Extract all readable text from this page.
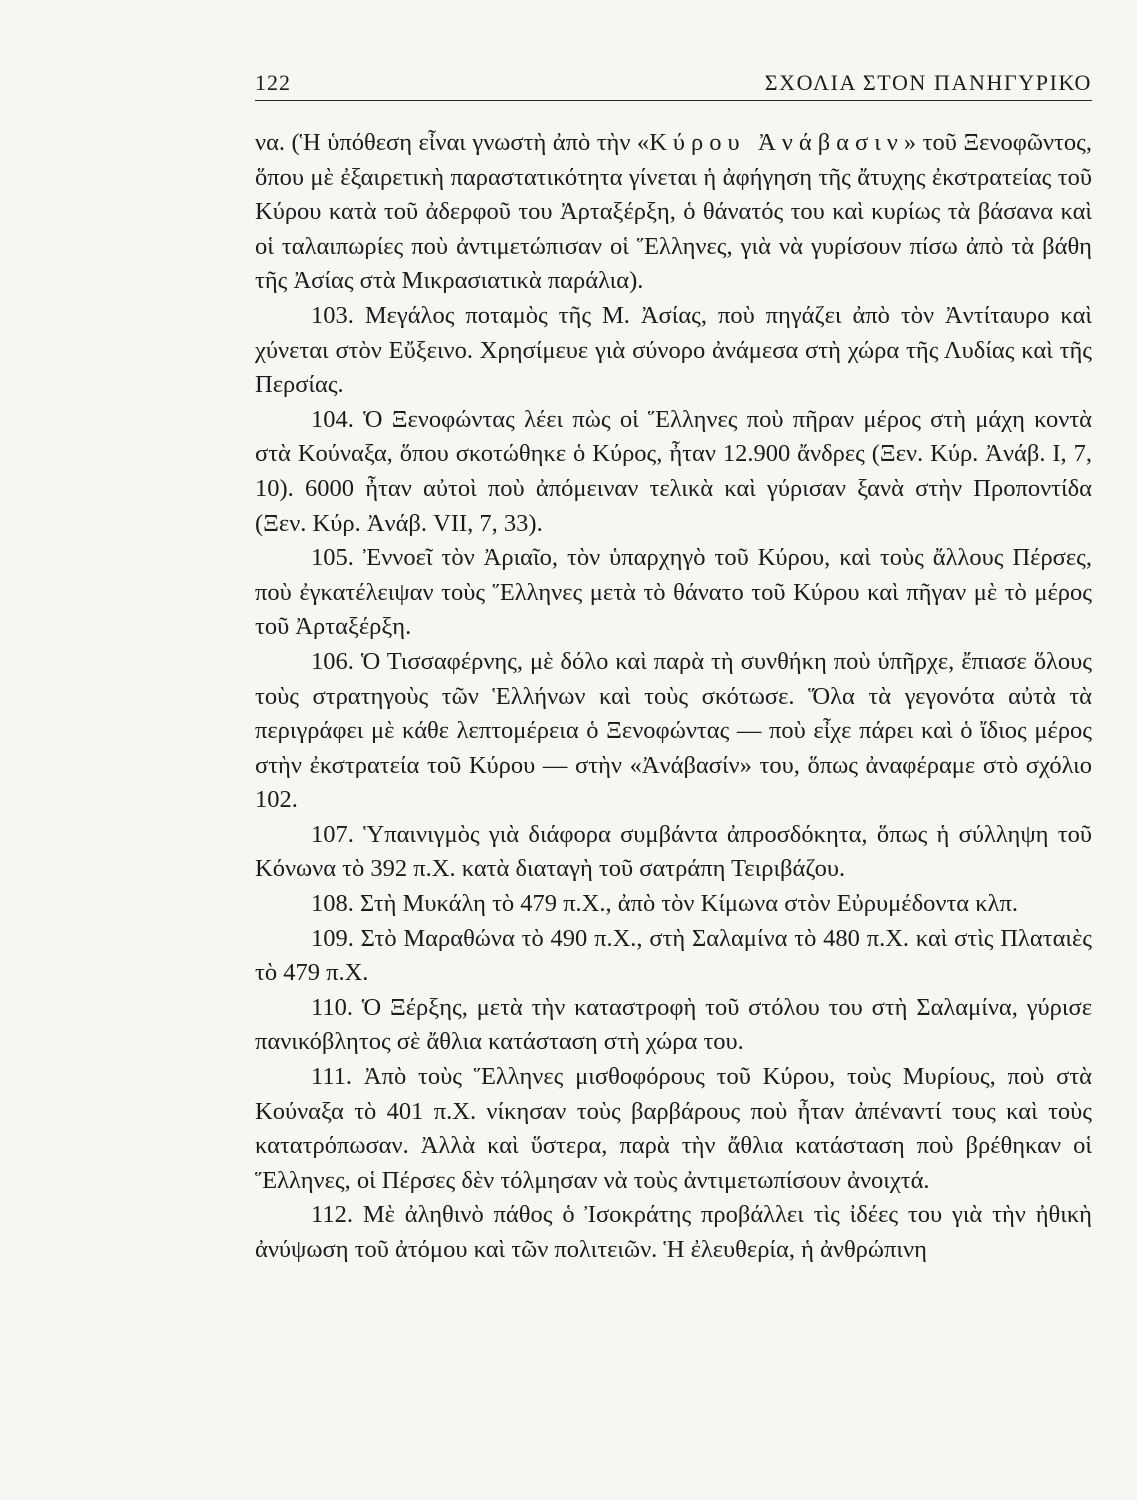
122	ΣΧΟΛΙΑ ΣΤΟΝ ΠΑΝΗΓΥΡΙΚΟ

να. (Ἡ ὑπόθεση εἶναι γνωστὴ ἀπὸ τὴν «Κύρου Ἀνάβασιν» τοῦ Ξενοφῶντος, ὅπου μὲ ἐξαιρετικὴ παραστατικότητα γίνεται ἡ ἀφήγηση τῆς ἄτυχης ἐκστρατείας τοῦ Κύρου κατὰ τοῦ ἀδερφοῦ του Ἀρταξέρξη, ὁ θάνατός του καὶ κυρίως τὰ βάσανα καὶ οἱ ταλαιπωρίες ποὺ ἀντιμετώπισαν οἱ Ἕλληνες, γιὰ νὰ γυρίσουν πίσω ἀπὸ τὰ βάθη τῆς Ἀσίας στὰ Μικρασιατικὰ παράλια).

103. Μεγάλος ποταμὸς τῆς Μ. Ἀσίας, ποὺ πηγάζει ἀπὸ τὸν Ἀντίταυρο καὶ χύνεται στὸν Εὔξεινο. Χρησίμευε γιὰ σύνορο ἀνάμεσα στὴ χώρα τῆς Λυδίας καὶ τῆς Περσίας.

104. Ὁ Ξενοφώντας λέει πὼς οἱ Ἕλληνες ποὺ πῆραν μέρος στὴ μάχη κοντὰ στὰ Κούναξα, ὅπου σκοτώθηκε ὁ Κύρος, ἦταν 12.900 ἄνδρες (Ξεν. Κύρ. Ἀνάβ. I, 7, 10). 6000 ἦταν αὐτοὶ ποὺ ἀπόμειναν τελικὰ καὶ γύρισαν ξανὰ στὴν Προποντίδα (Ξεν. Κύρ. Ἀνάβ. VII, 7, 33).

105. Ἐννοεῖ τὸν Ἀριαῖο, τὸν ὑπαρχηγὸ τοῦ Κύρου, καὶ τοὺς ἄλλους Πέρσες, ποὺ ἐγκατέλειψαν τοὺς Ἕλληνες μετὰ τὸ θάνατο τοῦ Κύρου καὶ πῆγαν μὲ τὸ μέρος τοῦ Ἀρταξέρξη.

106. Ὁ Τισσαφέρνης, μὲ δόλο καὶ παρὰ τὴ συνθήκη ποὺ ὑπῆρχε, ἔπιασε ὅλους τοὺς στρατηγοὺς τῶν Ἑλλήνων καὶ τοὺς σκότωσε. Ὅλα τὰ γεγονότα αὐτὰ τὰ περιγράφει μὲ κάθε λεπτομέρεια ὁ Ξενοφώντας — ποὺ εἶχε πάρει καὶ ὁ ἴδιος μέρος στὴν ἐκστρατεία τοῦ Κύρου — στὴν «Ἀνάβασίν» του, ὅπως ἀναφέραμε στὸ σχόλιο 102.

107. Ὑπαινιγμὸς γιὰ διάφορα συμβάντα ἀπροσδόκητα, ὅπως ἡ σύλληψη τοῦ Κόνωνα τὸ 392 π.Χ. κατὰ διαταγὴ τοῦ σατράπη Τειριβάζου.

108. Στὴ Μυκάλη τὸ 479 π.Χ., ἀπὸ τὸν Κίμωνα στὸν Εὐρυμέδοντα κλπ.

109. Στὸ Μαραθώνα τὸ 490 π.Χ., στὴ Σαλαμίνα τὸ 480 π.Χ. καὶ στὶς Πλαταιὲς τὸ 479 π.Χ.

110. Ὁ Ξέρξης, μετὰ τὴν καταστροφὴ τοῦ στόλου του στὴ Σαλαμίνα, γύρισε πανικόβλητος σὲ ἄθλια κατάσταση στὴ χώρα του.

111. Ἀπὸ τοὺς Ἕλληνες μισθοφόρους τοῦ Κύρου, τοὺς Μυρίους, ποὺ στὰ Κούναξα τὸ 401 π.Χ. νίκησαν τοὺς βαρβάρους ποὺ ἦταν ἀπέναντί τους καὶ τοὺς κατατρόπωσαν. Ἀλλὰ καὶ ὕστερα, παρὰ τὴν ἄθλια κατάσταση ποὺ βρέθηκαν οἱ Ἕλληνες, οἱ Πέρσες δὲν τόλμησαν νὰ τοὺς ἀντιμετωπίσουν ἀνοιχτά.

112. Μὲ ἀληθινὸ πάθος ὁ Ἰσοκράτης προβάλλει τὶς ἰδέες του γιὰ τὴν ἠθικὴ ἀνύψωση τοῦ ἀτόμου καὶ τῶν πολιτειῶν. Ἡ ἐλευθερία, ἡ ἀνθρώπινη
